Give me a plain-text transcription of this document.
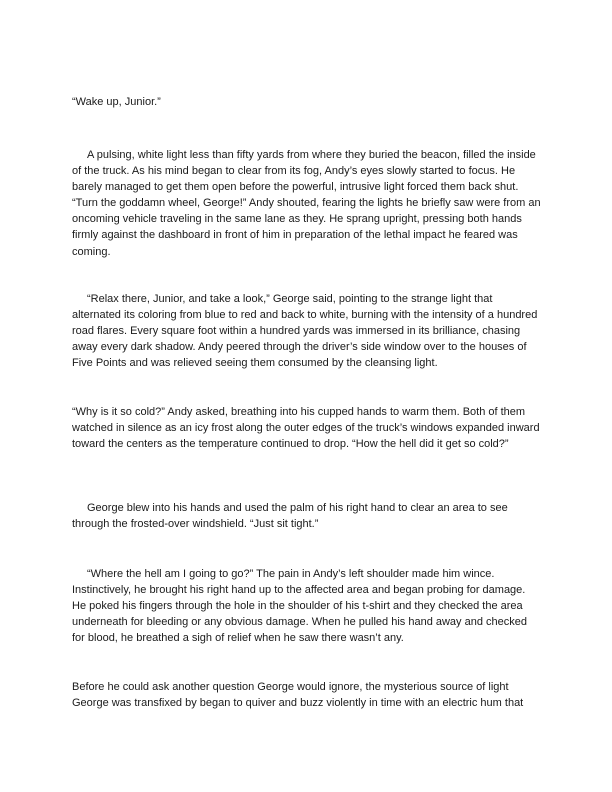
“Wake up, Junior.”

A pulsing, white light less than fifty yards from where they buried the beacon, filled the inside of the truck. As his mind began to clear from its fog, Andy’s eyes slowly started to focus. He barely managed to get them open before the powerful, intrusive light forced them back shut. “Turn the goddamn wheel, George!” Andy shouted, fearing the lights he briefly saw were from an oncoming vehicle traveling in the same lane as they. He sprang upright, pressing both hands firmly against the dashboard in front of him in preparation of the lethal impact he feared was coming.

“Relax there, Junior, and take a look,” George said, pointing to the strange light that alternated its coloring from blue to red and back to white, burning with the intensity of a hundred road flares. Every square foot within a hundred yards was immersed in its brilliance, chasing away every dark shadow. Andy peered through the driver’s side window over to the houses of Five Points and was relieved seeing them consumed by the cleansing light.

“Why is it so cold?” Andy asked, breathing into his cupped hands to warm them. Both of them watched in silence as an icy frost along the outer edges of the truck’s windows expanded inward toward the centers as the temperature continued to drop. “How the hell did it get so cold?”

George blew into his hands and used the palm of his right hand to clear an area to see through the frosted-over windshield. “Just sit tight.”

“Where the hell am I going to go?” The pain in Andy’s left shoulder made him wince. Instinctively, he brought his right hand up to the affected area and began probing for damage. He poked his fingers through the hole in the shoulder of his t-shirt and they checked the area underneath for bleeding or any obvious damage. When he pulled his hand away and checked for blood, he breathed a sigh of relief when he saw there wasn’t any.

Before he could ask another question George would ignore, the mysterious source of light George was transfixed by began to quiver and buzz violently in time with an electric hum that
